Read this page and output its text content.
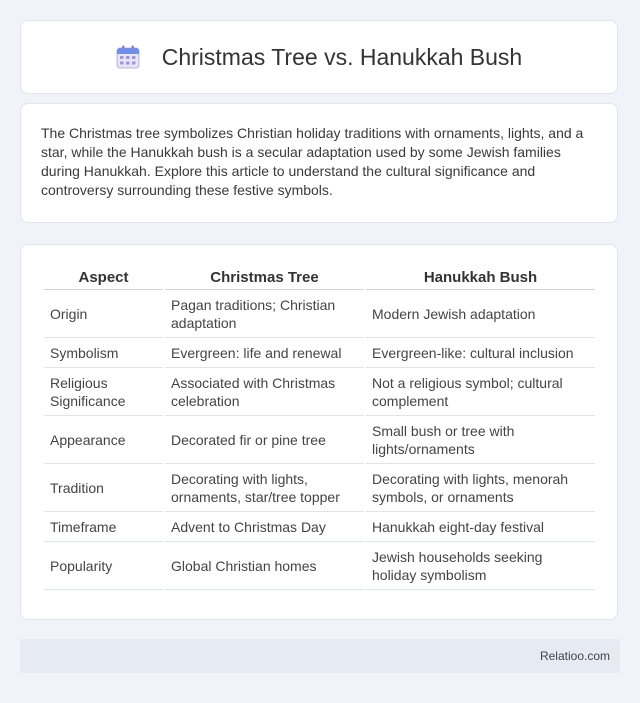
Christmas Tree vs. Hanukkah Bush

The Christmas tree symbolizes Christian holiday traditions with ornaments, lights, and a star, while the Hanukkah bush is a secular adaptation used by some Jewish families during Hanukkah. Explore this article to understand the cultural significance and controversy surrounding these festive symbols.

Aspect	Christmas Tree	Hanukkah Bush
Origin	Pagan traditions; Christian adaptation	Modern Jewish adaptation
Symbolism	Evergreen: life and renewal	Evergreen-like: cultural inclusion
Religious Significance	Associated with Christmas celebration	Not a religious symbol; cultural complement
Appearance	Decorated fir or pine tree	Small bush or tree with lights/ornaments
Tradition	Decorating with lights, ornaments, star/tree topper	Decorating with lights, menorah symbols, or ornaments
Timeframe	Advent to Christmas Day	Hanukkah eight-day festival
Popularity	Global Christian homes	Jewish households seeking holiday symbolism
Relatioo.com
